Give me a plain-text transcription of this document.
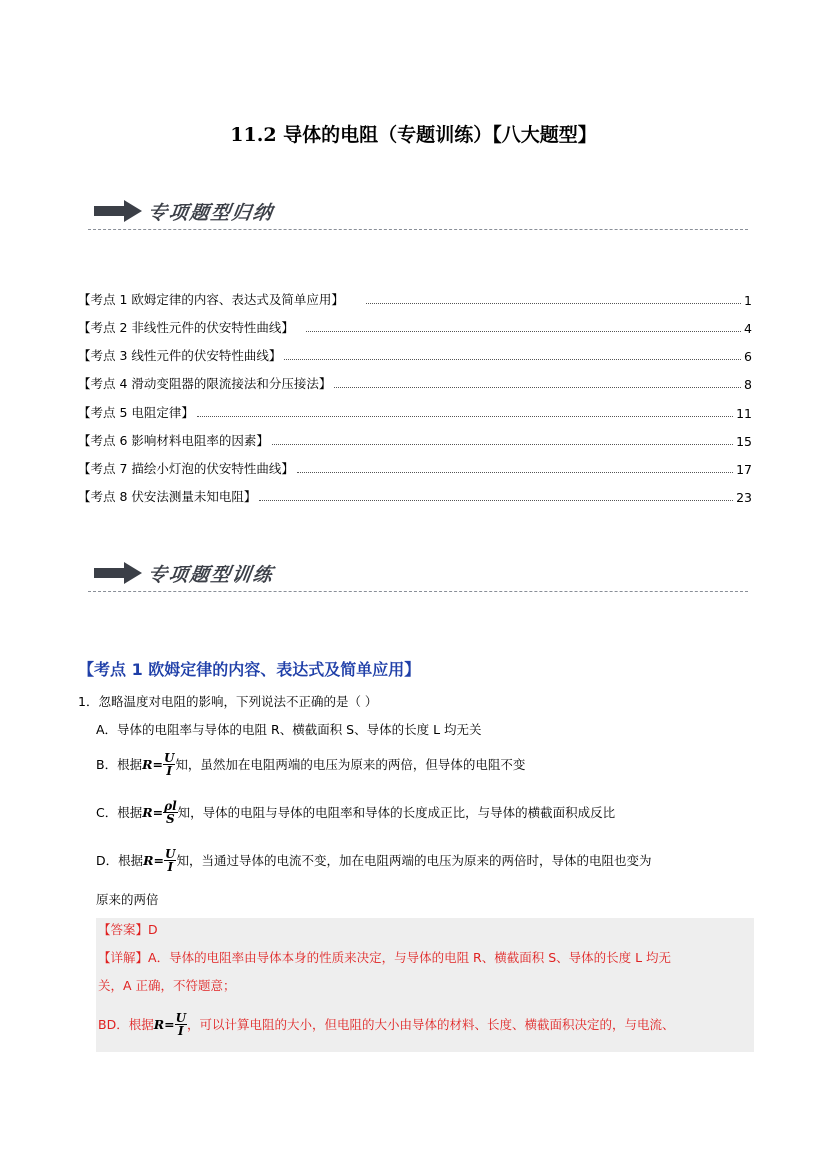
11.2 导体的电阻（专题训练）【八大题型】
专项题型归纳
【考点 1 欧姆定律的内容、表达式及简单应用】	1
【考点 2 非线性元件的伏安特性曲线】	4
【考点 3 线性元件的伏安特性曲线】	6
【考点 4 滑动变阻器的限流接法和分压接法】	8
【考点 5 电阻定律】	11
【考点 6 影响材料电阻率的因素】	15
【考点 7 描绘小灯泡的伏安特性曲线】	17
【考点 8 伏安法测量未知电阻】	23
专项题型训练
【考点 1 欧姆定律的内容、表达式及简单应用】
1．忽略温度对电阻的影响，下列说法不正确的是（ ）
A．导体的电阻率与导体的电阻 R、横截面积 S、导体的长度 L 均无关
B．根据 $R = \frac{U}{I}$ 知，虽然加在电阻两端的电压为原来的两倍，但导体的电阻不变
C．根据 $R = \frac{\rho l}{S}$ 知，导体的电阻与导体的电阻率和导体的长度成正比，与导体的横截面积成反比
D．根据 $R = \frac{U}{I}$ 知，当通过导体的电流不变，加在电阻两端的电压为原来的两倍时，导体的电阻也变为
原来的两倍
【答案】D
【详解】A．导体的电阻率由导体本身的性质来决定，与导体的电阻 R、横截面积 S、导体的长度 L 均无
关，A 正确，不符题意；
BD．根据 $R = \frac{U}{I}$ ，可以计算电阻的大小，但电阻的大小由导体的材料、长度、横截面积决定的，与电流、
